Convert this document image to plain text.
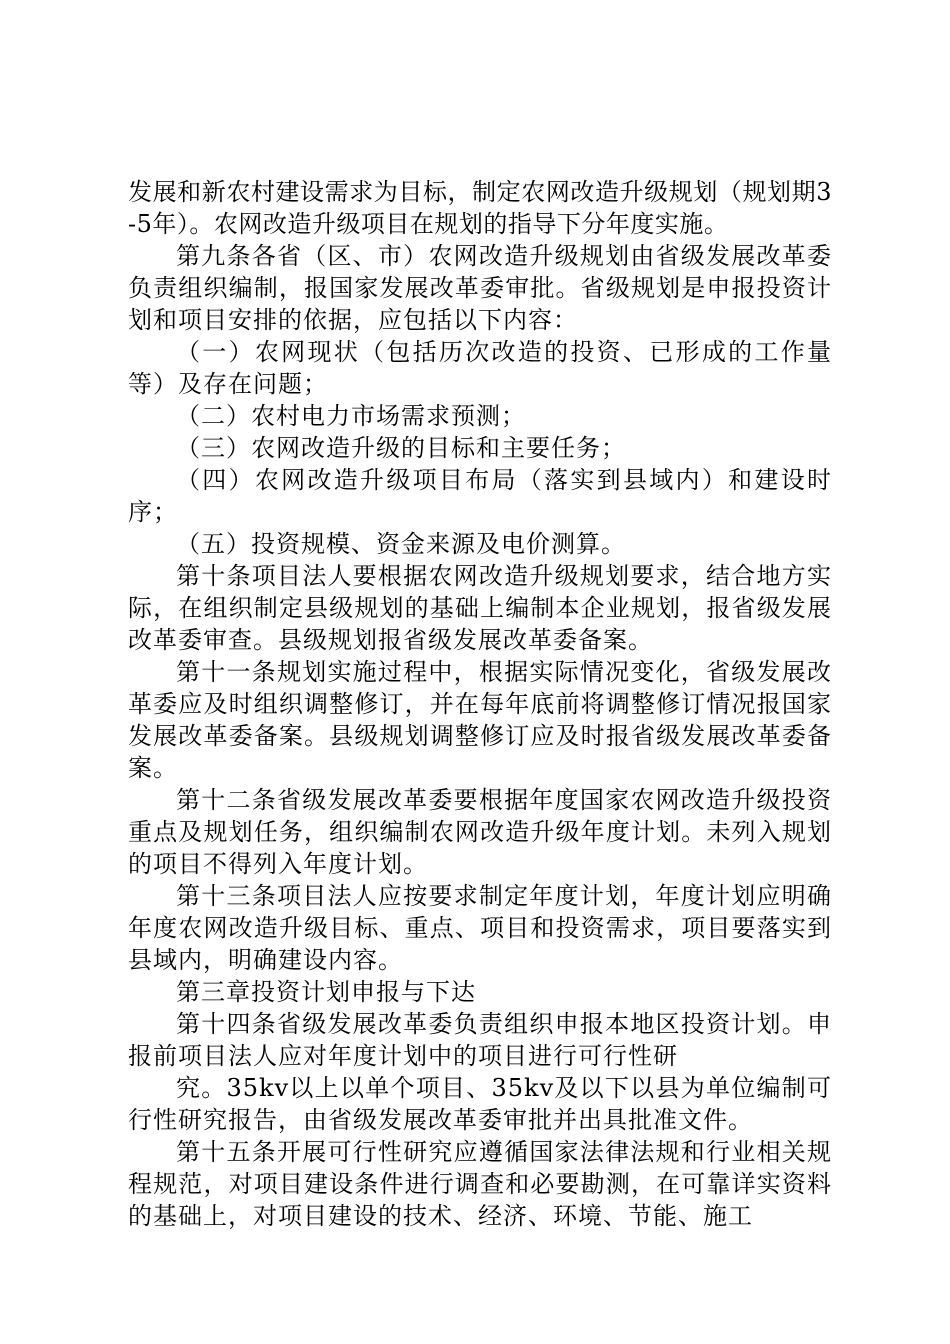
发展和新农村建设需求为目标，制定农网改造升级规划（规划期3-5年）。农网改造升级项目在规划的指导下分年度实施。

第九条各省（区、市）农网改造升级规划由省级发展改革委负责组织编制，报国家发展改革委审批。省级规划是申报投资计划和项目安排的依据，应包括以下内容：

（一）农网现状（包括历次改造的投资、已形成的工作量等）及存在问题；

（二）农村电力市场需求预测；

（三）农网改造升级的目标和主要任务；

（四）农网改造升级项目布局（落实到县域内）和建设时序；

（五）投资规模、资金来源及电价测算。

第十条项目法人要根据农网改造升级规划要求，结合地方实际，在组织制定县级规划的基础上编制本企业规划，报省级发展改革委审查。县级规划报省级发展改革委备案。

第十一条规划实施过程中，根据实际情况变化，省级发展改革委应及时组织调整修订，并在每年底前将调整修订情况报国家发展改革委备案。县级规划调整修订应及时报省级发展改革委备案。

第十二条省级发展改革委要根据年度国家农网改造升级投资重点及规划任务，组织编制农网改造升级年度计划。未列入规划的项目不得列入年度计划。

第十三条项目法人应按要求制定年度计划，年度计划应明确年度农网改造升级目标、重点、项目和投资需求，项目要落实到县域内，明确建设内容。

第三章投资计划申报与下达

第十四条省级发展改革委负责组织申报本地区投资计划。申报前项目法人应对年度计划中的项目进行可行性研

究。35kv以上以单个项目、35kv及以下以县为单位编制可行性研究报告，由省级发展改革委审批并出具批准文件。

第十五条开展可行性研究应遵循国家法律法规和行业相关规程规范，对项目建设条件进行调查和必要勘测，在可靠详实资料的基础上，对项目建设的技术、经济、环境、节能、施工
